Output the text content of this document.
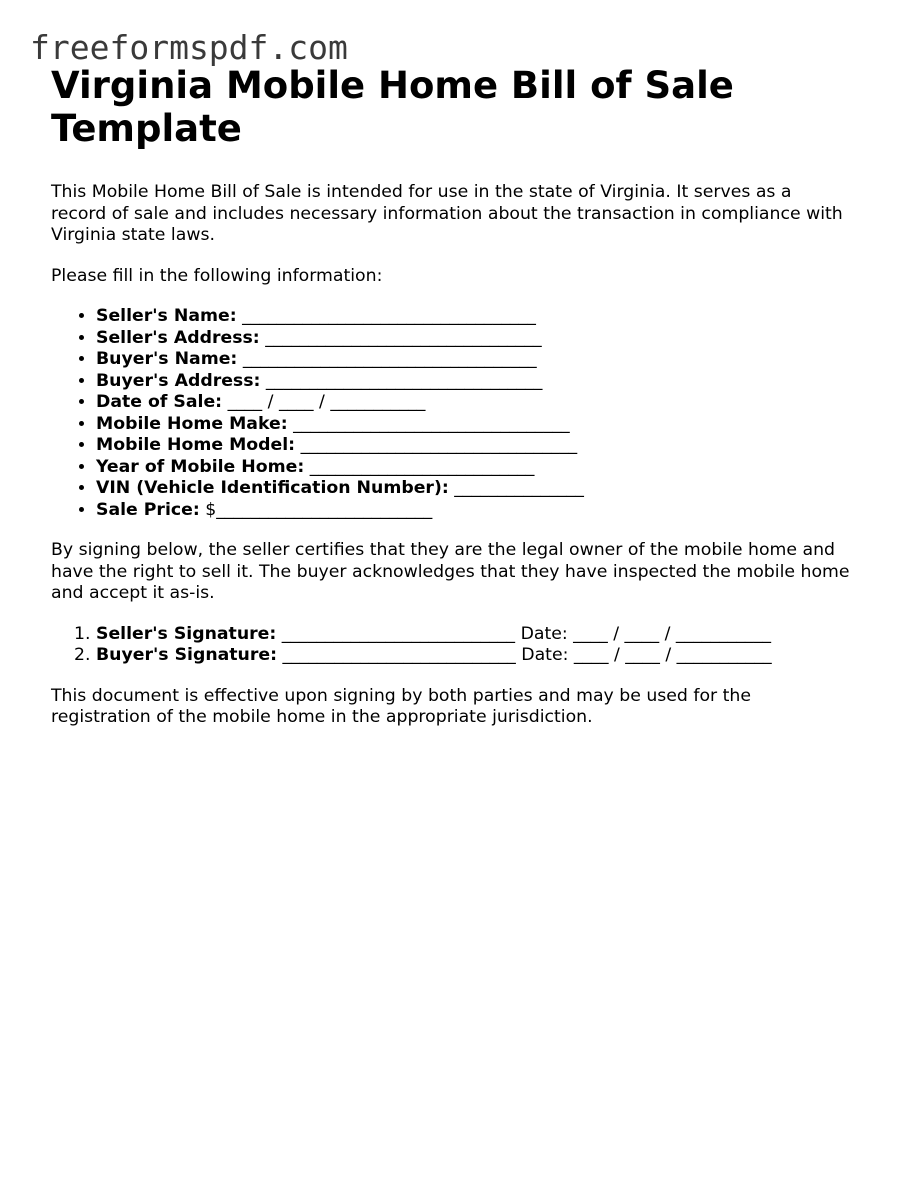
freeformspdf.com
Virginia Mobile Home Bill of Sale Template

This Mobile Home Bill of Sale is intended for use in the state of Virginia. It serves as a record of sale and includes necessary information about the transaction in compliance with Virginia state laws.

Please fill in the following information:

• Seller's Name: __________________________________
• Seller's Address: ________________________________
• Buyer's Name: __________________________________
• Buyer's Address: ________________________________
• Date of Sale: ____ / ____ / ___________
• Mobile Home Make: ________________________________
• Mobile Home Model: ________________________________
• Year of Mobile Home: __________________________
• VIN (Vehicle Identification Number): _______________
• Sale Price: $_________________________

By signing below, the seller certifies that they are the legal owner of the mobile home and have the right to sell it. The buyer acknowledges that they have inspected the mobile home and accept it as-is.

1. Seller's Signature: ___________________________ Date: ____ / ____ / ___________
2. Buyer's Signature: ___________________________ Date: ____ / ____ / ___________

This document is effective upon signing by both parties and may be used for the registration of the mobile home in the appropriate jurisdiction.
